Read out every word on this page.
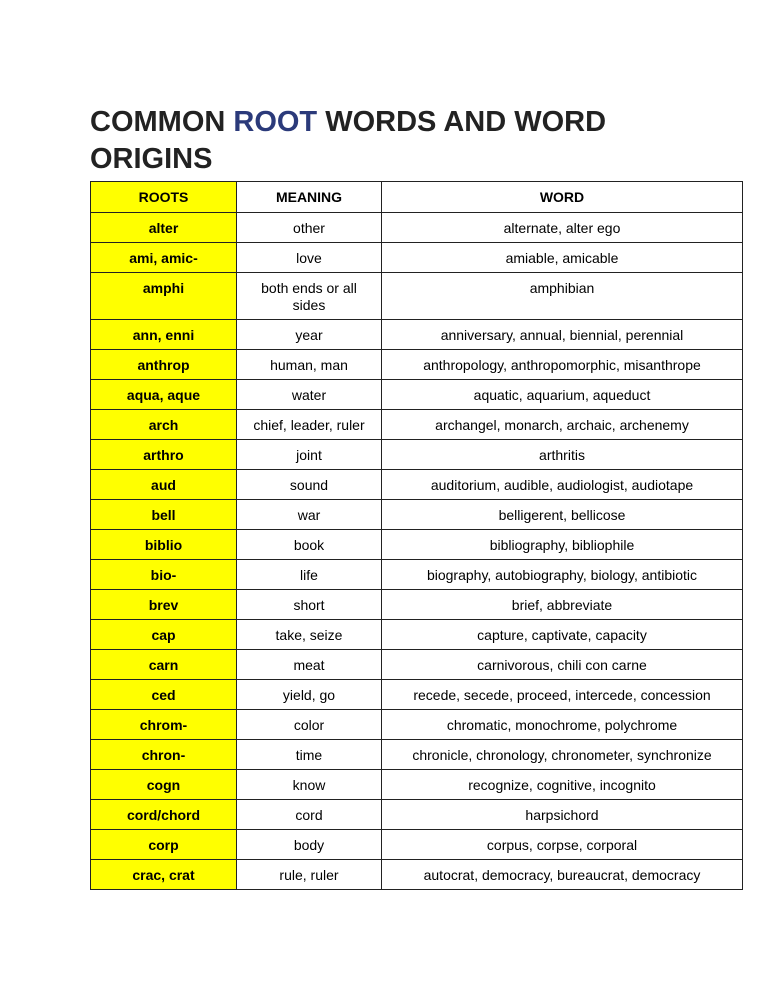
COMMON ROOT WORDS AND WORD ORIGINS
ROOTS	MEANING	WORD
alter	other	alternate, alter ego
ami, amic-	love	amiable, amicable
amphi	both ends or all sides	amphibian
ann, enni	year	anniversary, annual, biennial, perennial
anthrop	human, man	anthropology, anthropomorphic, misanthrope
aqua, aque	water	aquatic, aquarium, aqueduct
arch	chief, leader, ruler	archangel, monarch, archaic, archenemy
arthro	joint	arthritis
aud	sound	auditorium, audible, audiologist, audiotape
bell	war	belligerent, bellicose
biblio	book	bibliography, bibliophile
bio-	life	biography, autobiography, biology, antibiotic
brev	short	brief, abbreviate
cap	take, seize	capture, captivate, capacity
carn	meat	carnivorous, chili con carne
ced	yield, go	recede, secede, proceed, intercede, concession
chrom-	color	chromatic, monochrome, polychrome
chron-	time	chronicle, chronology, chronometer, synchronize
cogn	know	recognize, cognitive, incognito
cord/chord	cord	harpsichord
corp	body	corpus, corpse, corporal
crac, crat	rule, ruler	autocrat, democracy, bureaucrat, democracy
